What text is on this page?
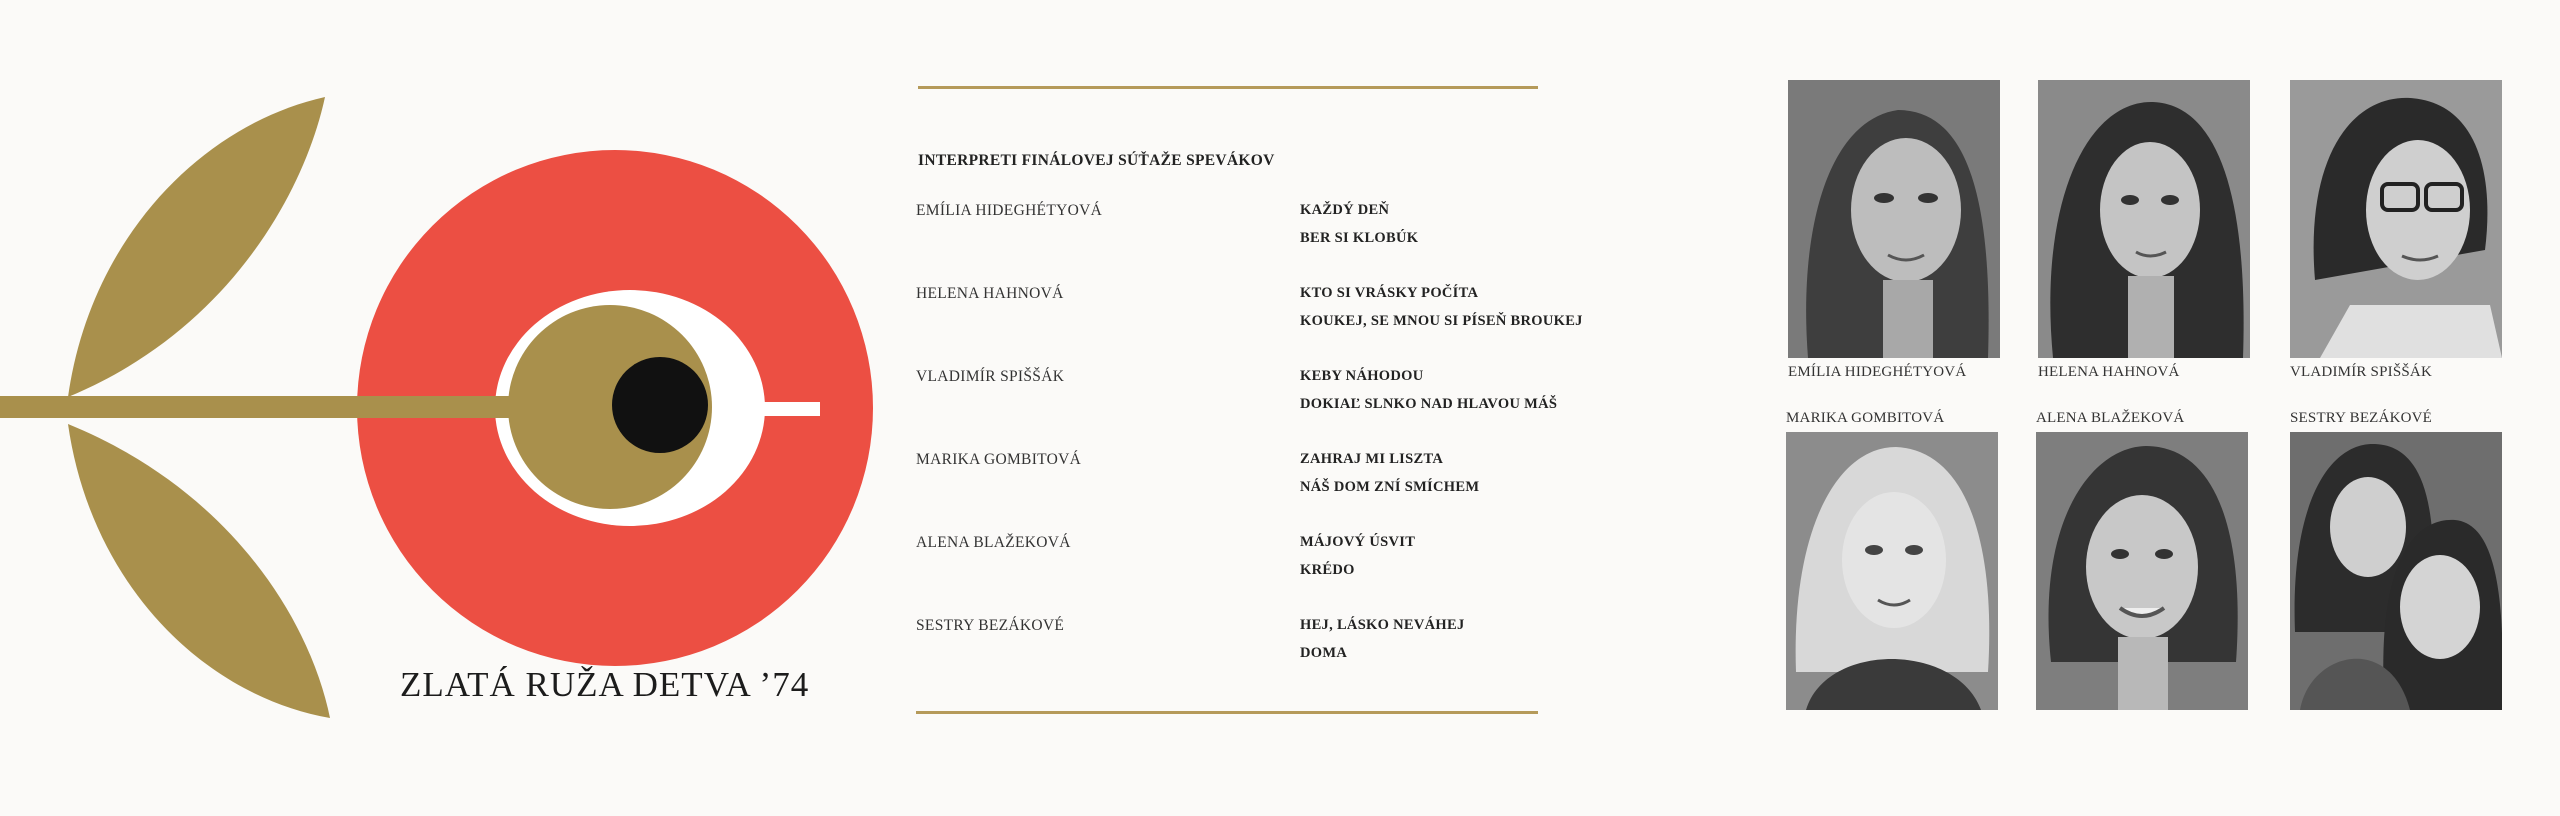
ZLATÁ RUŽA DETVA ’74
INTERPRETI FINÁLOVEJ SÚŤAŽE SPEVÁKOV
EMÍLIA HIDEGHÉTYOVÁ	KAŽDÝ DEŇ
BER SI KLOBÚK
HELENA HAHNOVÁ	KTO SI VRÁSKY POČÍTA
KOUKEJ, SE MNOU SI PÍSEŇ BROUKEJ
VLADIMÍR SPIŠŠÁK	KEBY NÁHODOU
DOKIAĽ SLNKO NAD HLAVOU MÁŠ
MARIKA GOMBITOVÁ	ZAHRAJ MI LISZTA
NÁŠ DOM ZNÍ SMÍCHEM
ALENA BLAŽEKOVÁ	MÁJOVÝ ÚSVIT
KRÉDO
SESTRY BEZÁKOVÉ	HEJ, LÁSKO NEVÁHEJ
DOMA
EMÍLIA HIDEGHÉTYOVÁ	HELENA HAHNOVÁ	VLADIMÍR SPIŠŠÁK
MARIKA GOMBITOVÁ	ALENA BLAŽEKOVÁ	SESTRY BEZÁKOVÉ
